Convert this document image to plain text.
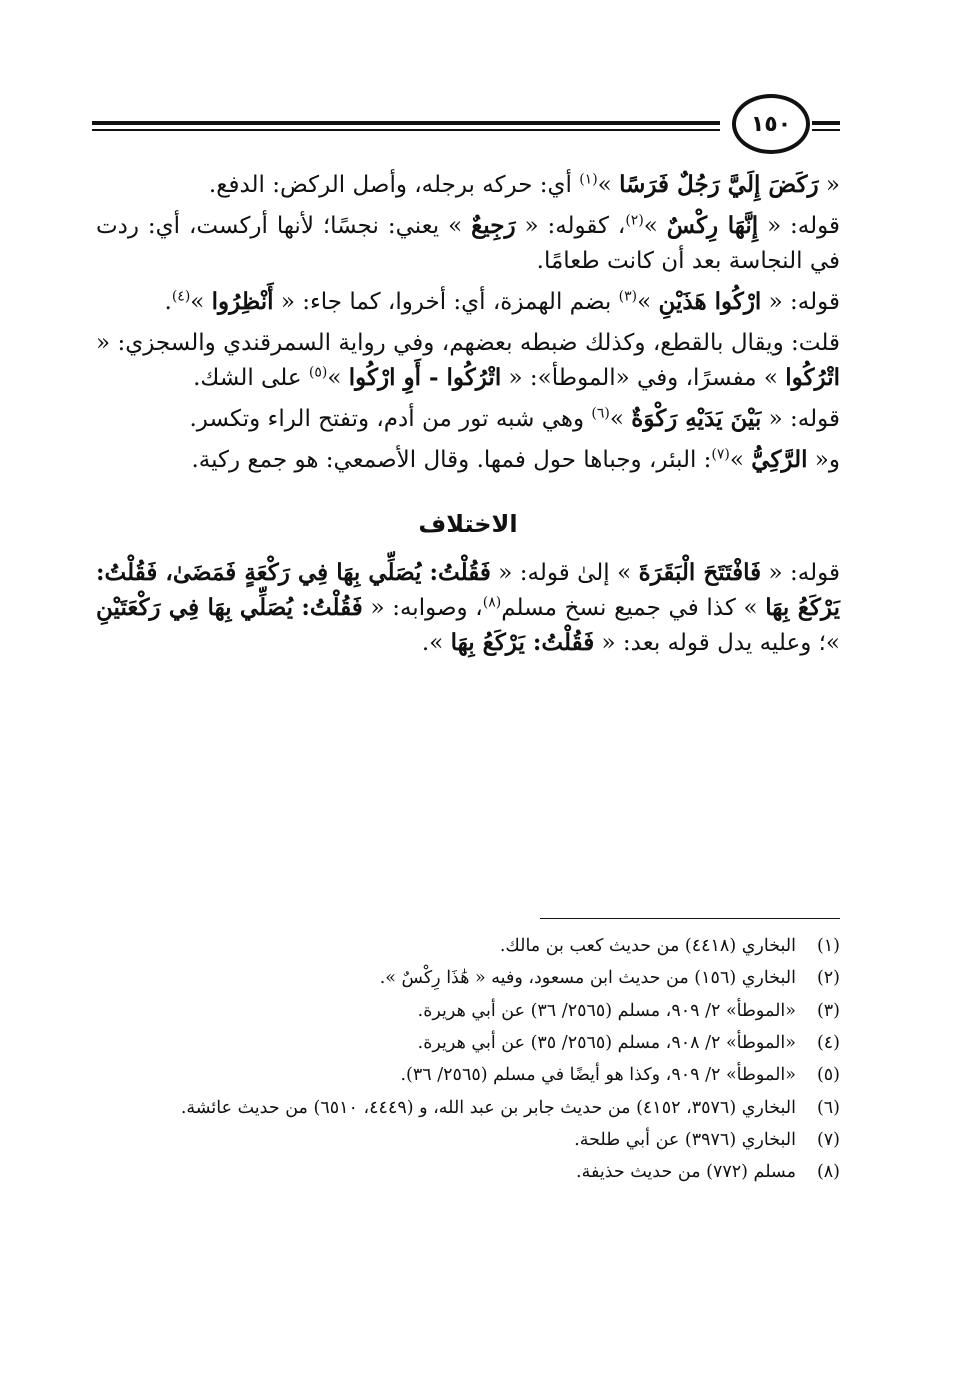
١٥٠

« رَكَضَ إِلَيَّ رَجُلٌ فَرَسًا »$^{(١)}$ أي: حركه برجله، وأصل الركض: الدفع.

قوله: « إِنَّهَا رِكْسٌ »$^{(٢)}$، كقوله: « رَجِيعٌ » يعني: نجسًا؛ لأنها أركست، أي: ردت في النجاسة بعد أن كانت طعامًا.

قوله: « ارْكُوا هَذَيْنِ »$^{(٣)}$ بضم الهمزة، أي: أخروا، كما جاء: « أَنْظِرُوا »$^{(٤)}$.

قلت: ويقال بالقطع، وكذلك ضبطه بعضهم، وفي رواية السمرقندي والسجزي: « اتْرُكُوا » مفسرًا، وفي «الموطأ»: « اتْرُكُوا - أَوِ ارْكُوا »$^{(٥)}$ على الشك.

قوله: « بَيْنَ يَدَيْهِ رَكْوَةٌ »$^{(٦)}$ وهي شبه تور من أدم، وتفتح الراء وتكسر.

و« الرَّكِيُّ »$^{(٧)}$: البئر، وجباها حول فمها. وقال الأصمعي: هو جمع ركية.

الاختلاف

قوله: « فَافْتَتَحَ الْبَقَرَةَ » إلىٰ قوله: « فَقُلْتُ: يُصَلِّي بِهَا فِي رَكْعَةٍ فَمَضَىٰ، فَقُلْتُ: يَرْكَعُ بِهَا » كذا في جميع نسخ مسلم$^{(٨)}$، وصوابه: « فَقُلْتُ: يُصَلِّي بِهَا فِي رَكْعَتَيْنِ »؛ وعليه يدل قوله بعد: « فَقُلْتُ: يَرْكَعُ بِهَا ».

(١)
البخاري (٤٤١٨) من حديث كعب بن مالك.
(٢)
البخاري (١٥٦) من حديث ابن مسعود، وفيه « هَٰذَا رِكْسٌ ».
(٣)
«الموطأ» ٢/ ٩٠٩، مسلم (٢٥٦٥/ ٣٦) عن أبي هريرة.
(٤)
«الموطأ» ٢/ ٩٠٨، مسلم (٢٥٦٥/ ٣٥) عن أبي هريرة.
(٥)
«الموطأ» ٢/ ٩٠٩، وكذا هو أيضًا في مسلم (٢٥٦٥/ ٣٦).
(٦)
البخاري (٣٥٧٦، ٤١٥٢) من حديث جابر بن عبد الله، و (٤٤٤٩، ٦٥١٠) من حديث عائشة.
(٧)
البخاري (٣٩٧٦) عن أبي طلحة.
(٨)
مسلم (٧٧٢) من حديث حذيفة.
